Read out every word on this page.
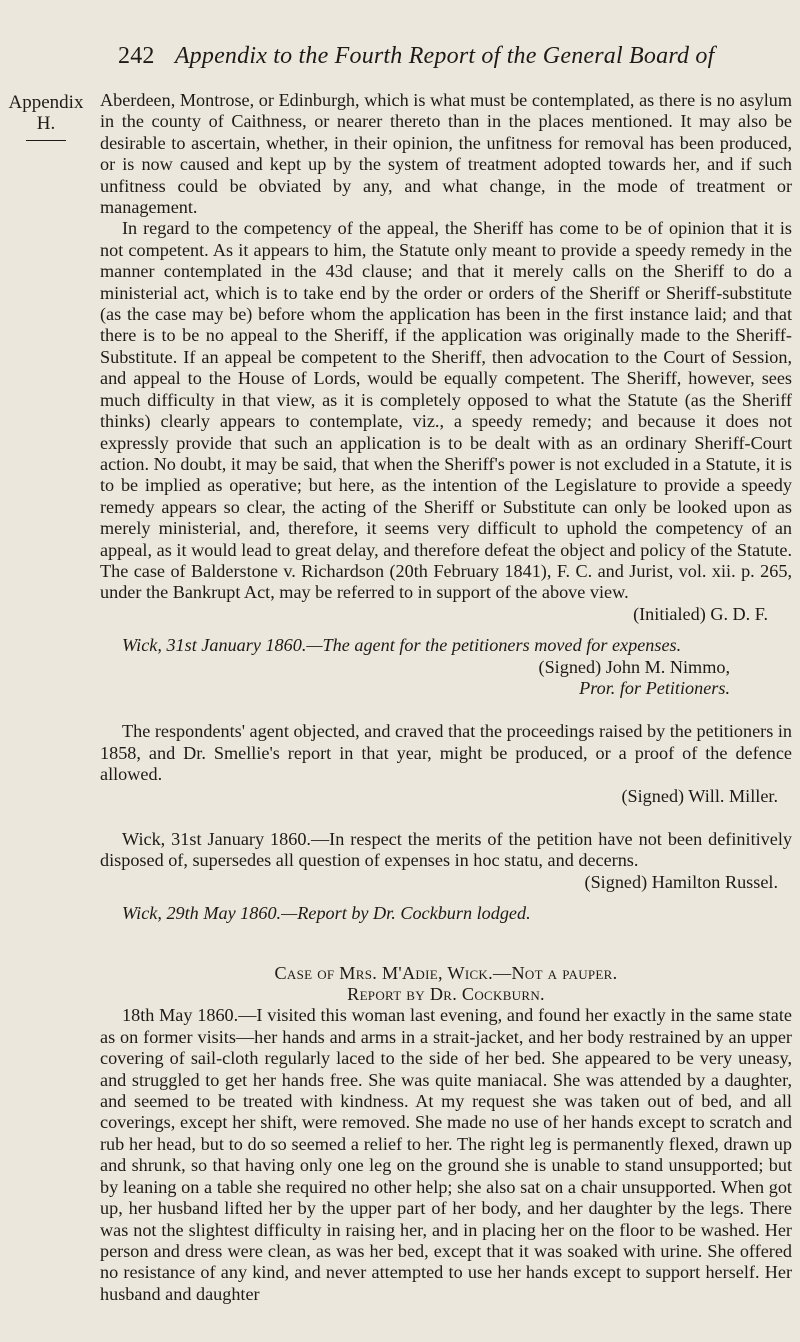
242 Appendix to the Fourth Report of the General Board of
Appendix
H.

Aberdeen, Montrose, or Edinburgh, which is what must be contemplated, as there is no asylum in the county of Caithness, or nearer thereto than in the places mentioned. It may also be desirable to ascertain, whether, in their opinion, the unfitness for removal has been produced, or is now caused and kept up by the system of treatment adopted towards her, and if such unfitness could be obviated by any, and what change, in the mode of treatment or management.

In regard to the competency of the appeal, the Sheriff has come to be of opinion that it is not competent. As it appears to him, the Statute only meant to provide a speedy remedy in the manner contemplated in the 43d clause; and that it merely calls on the Sheriff to do a ministerial act, which is to take end by the order or orders of the Sheriff or Sheriff-substitute (as the case may be) before whom the application has been in the first instance laid; and that there is to be no appeal to the Sheriff, if the application was originally made to the Sheriff-Substitute. If an appeal be competent to the Sheriff, then advocation to the Court of Session, and appeal to the House of Lords, would be equally competent. The Sheriff, however, sees much difficulty in that view, as it is completely opposed to what the Statute (as the Sheriff thinks) clearly appears to contemplate, viz., a speedy remedy; and because it does not expressly provide that such an application is to be dealt with as an ordinary Sheriff-Court action. No doubt, it may be said, that when the Sheriff's power is not excluded in a Statute, it is to be implied as operative; but here, as the intention of the Legislature to provide a speedy remedy appears so clear, the acting of the Sheriff or Substitute can only be looked upon as merely ministerial, and, therefore, it seems very difficult to uphold the competency of an appeal, as it would lead to great delay, and therefore defeat the object and policy of the Statute. The case of Balderstone v. Richardson (20th February 1841), F. C. and Jurist, vol. xii. p. 265, under the Bankrupt Act, may be referred to in support of the above view.

(Initialed) G. D. F.

Wick, 31st January 1860.—The agent for the petitioners moved for expenses.

(Signed) John M. Nimmo,

Pror. for Petitioners.

The respondents' agent objected, and craved that the proceedings raised by the petitioners in 1858, and Dr. Smellie's report in that year, might be produced, or a proof of the defence allowed.

(Signed) Will. Miller.

Wick, 31st January 1860.—In respect the merits of the petition have not been definitively disposed of, supersedes all question of expenses in hoc statu, and decerns.

(Signed) Hamilton Russel.

Wick, 29th May 1860.—Report by Dr. Cockburn lodged.

Case of Mrs. M'Adie, Wick.—Not a pauper.

Report by Dr. Cockburn.

18th May 1860.—I visited this woman last evening, and found her exactly in the same state as on former visits—her hands and arms in a strait-jacket, and her body restrained by an upper covering of sail-cloth regularly laced to the side of her bed. She appeared to be very uneasy, and struggled to get her hands free. She was quite maniacal. She was attended by a daughter, and seemed to be treated with kindness. At my request she was taken out of bed, and all coverings, except her shift, were removed. She made no use of her hands except to scratch and rub her head, but to do so seemed a relief to her. The right leg is permanently flexed, drawn up and shrunk, so that having only one leg on the ground she is unable to stand unsupported; but by leaning on a table she required no other help; she also sat on a chair unsupported. When got up, her husband lifted her by the upper part of her body, and her daughter by the legs. There was not the slightest difficulty in raising her, and in placing her on the floor to be washed. Her person and dress were clean, as was her bed, except that it was soaked with urine. She offered no resistance of any kind, and never attempted to use her hands except to support herself. Her husband and daughter
